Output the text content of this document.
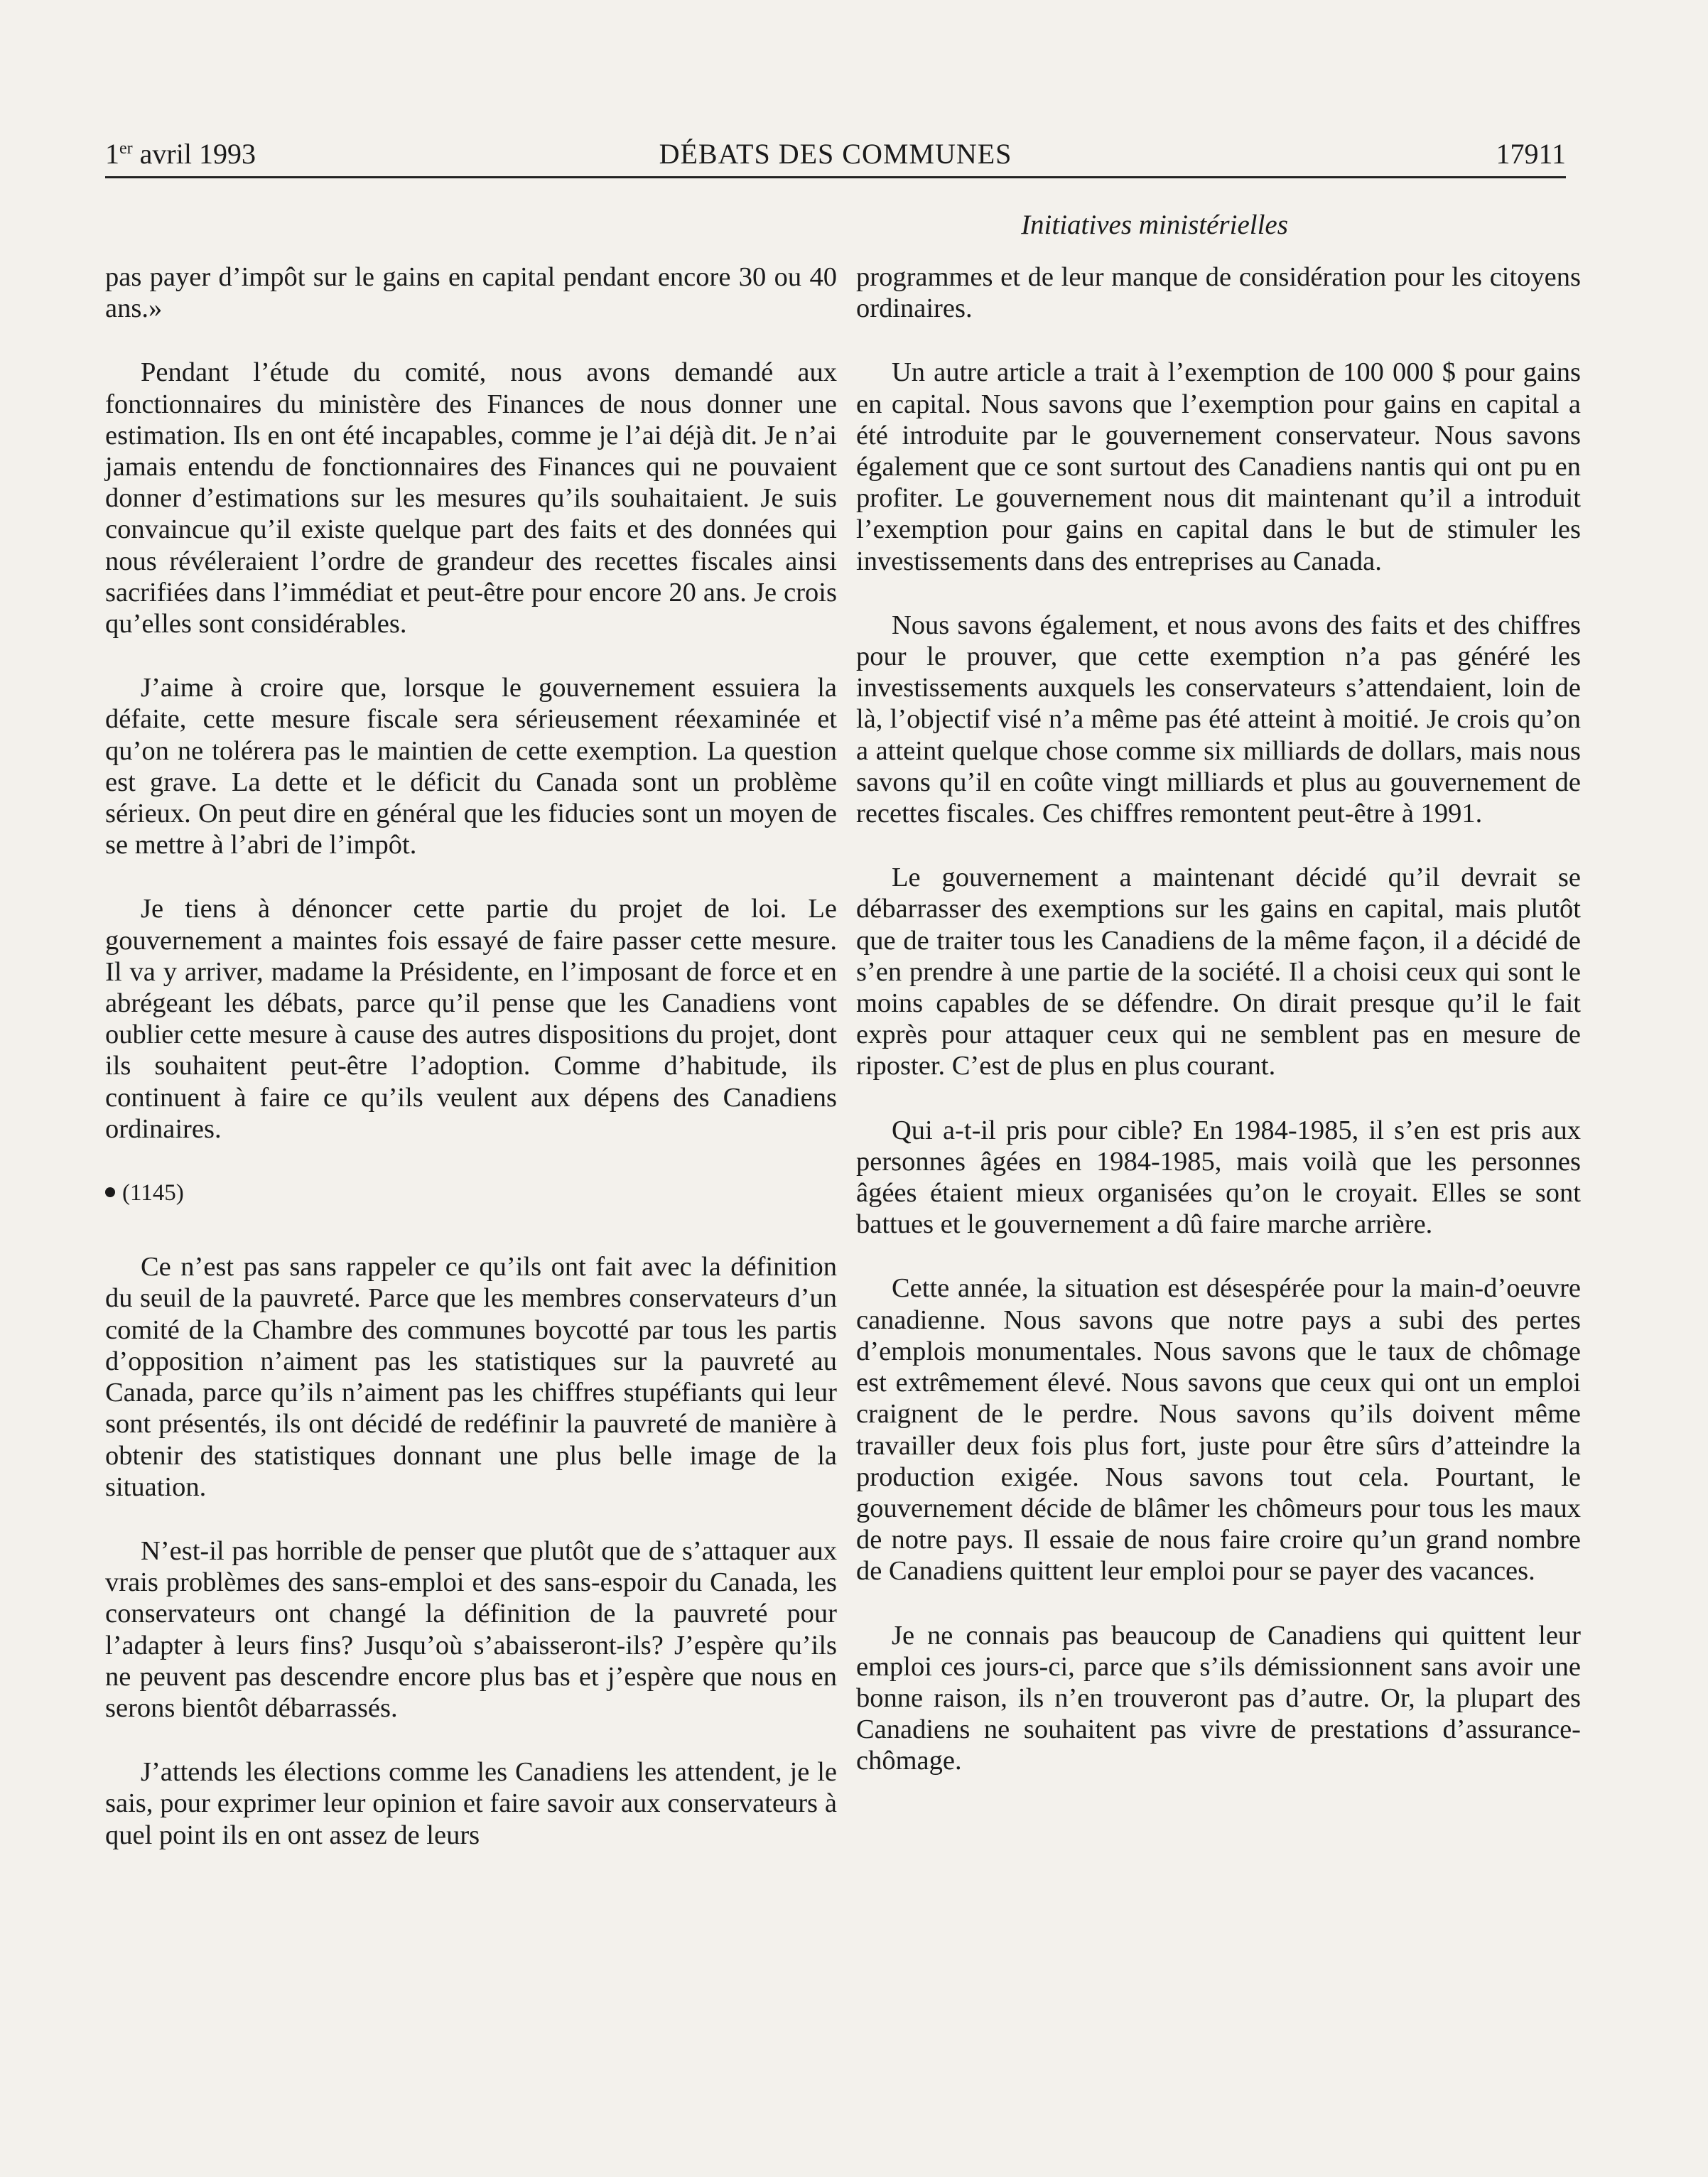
1er avril 1993	DÉBATS DES COMMUNES	17911
Initiatives ministérielles

pas payer d’impôt sur le gains en capital pendant encore 30 ou 40 ans.»

Pendant l’étude du comité, nous avons demandé aux fonctionnaires du ministère des Finances de nous donner une estimation. Ils en ont été incapables, comme je l’ai déjà dit. Je n’ai jamais entendu de fonctionnaires des Finances qui ne pouvaient donner d’estimations sur les mesures qu’ils souhaitaient. Je suis convaincue qu’il existe quelque part des faits et des données qui nous révéleraient l’ordre de grandeur des recettes fiscales ainsi sacrifiées dans l’immédiat et peut-être pour encore 20 ans. Je crois qu’elles sont considérables.

J’aime à croire que, lorsque le gouvernement essuiera la défaite, cette mesure fiscale sera sérieusement réexaminée et qu’on ne tolérera pas le maintien de cette exemption. La question est grave. La dette et le déficit du Canada sont un problème sérieux. On peut dire en général que les fiducies sont un moyen de se mettre à l’abri de l’impôt.

Je tiens à dénoncer cette partie du projet de loi. Le gouvernement a maintes fois essayé de faire passer cette mesure. Il va y arriver, madame la Présidente, en l’imposant de force et en abrégeant les débats, parce qu’il pense que les Canadiens vont oublier cette mesure à cause des autres dispositions du projet, dont ils souhaitent peut-être l’adoption. Comme d’habitude, ils continuent à faire ce qu’ils veulent aux dépens des Canadiens ordinaires.

(1145)

Ce n’est pas sans rappeler ce qu’ils ont fait avec la définition du seuil de la pauvreté. Parce que les membres conservateurs d’un comité de la Chambre des communes boycotté par tous les partis d’opposition n’aiment pas les statistiques sur la pauvreté au Canada, parce qu’ils n’aiment pas les chiffres stupéfiants qui leur sont présentés, ils ont décidé de redéfinir la pauvreté de manière à obtenir des statistiques donnant une plus belle image de la situation.

N’est-il pas horrible de penser que plutôt que de s’attaquer aux vrais problèmes des sans-emploi et des sans-espoir du Canada, les conservateurs ont changé la définition de la pauvreté pour l’adapter à leurs fins? Jusqu’où s’abaisseront-ils? J’espère qu’ils ne peuvent pas descendre encore plus bas et j’espère que nous en serons bientôt débarrassés.

J’attends les élections comme les Canadiens les attendent, je le sais, pour exprimer leur opinion et faire savoir aux conservateurs à quel point ils en ont assez de leurs

programmes et de leur manque de considération pour les citoyens ordinaires.

Un autre article a trait à l’exemption de 100 000 $ pour gains en capital. Nous savons que l’exemption pour gains en capital a été introduite par le gouvernement conservateur. Nous savons également que ce sont surtout des Canadiens nantis qui ont pu en profiter. Le gouvernement nous dit maintenant qu’il a introduit l’exemption pour gains en capital dans le but de stimuler les investissements dans des entreprises au Canada.

Nous savons également, et nous avons des faits et des chiffres pour le prouver, que cette exemption n’a pas généré les investissements auxquels les conservateurs s’attendaient, loin de là, l’objectif visé n’a même pas été atteint à moitié. Je crois qu’on a atteint quelque chose comme six milliards de dollars, mais nous savons qu’il en coûte vingt milliards et plus au gouvernement de recettes fiscales. Ces chiffres remontent peut-être à 1991.

Le gouvernement a maintenant décidé qu’il devrait se débarrasser des exemptions sur les gains en capital, mais plutôt que de traiter tous les Canadiens de la même façon, il a décidé de s’en prendre à une partie de la société. Il a choisi ceux qui sont le moins capables de se défendre. On dirait presque qu’il le fait exprès pour attaquer ceux qui ne semblent pas en mesure de riposter. C’est de plus en plus courant.

Qui a-t-il pris pour cible? En 1984-1985, il s’en est pris aux personnes âgées en 1984-1985, mais voilà que les personnes âgées étaient mieux organisées qu’on le croyait. Elles se sont battues et le gouvernement a dû faire marche arrière.

Cette année, la situation est désespérée pour la main-d’oeuvre canadienne. Nous savons que notre pays a subi des pertes d’emplois monumentales. Nous savons que le taux de chômage est extrêmement élevé. Nous savons que ceux qui ont un emploi craignent de le perdre. Nous savons qu’ils doivent même travailler deux fois plus fort, juste pour être sûrs d’atteindre la production exigée. Nous savons tout cela. Pourtant, le gouvernement décide de blâmer les chômeurs pour tous les maux de notre pays. Il essaie de nous faire croire qu’un grand nombre de Canadiens quittent leur emploi pour se payer des vacances.

Je ne connais pas beaucoup de Canadiens qui quittent leur emploi ces jours-ci, parce que s’ils démissionnent sans avoir une bonne raison, ils n’en trouveront pas d’autre. Or, la plupart des Canadiens ne souhaitent pas vivre de prestations d’assurance-chômage.
